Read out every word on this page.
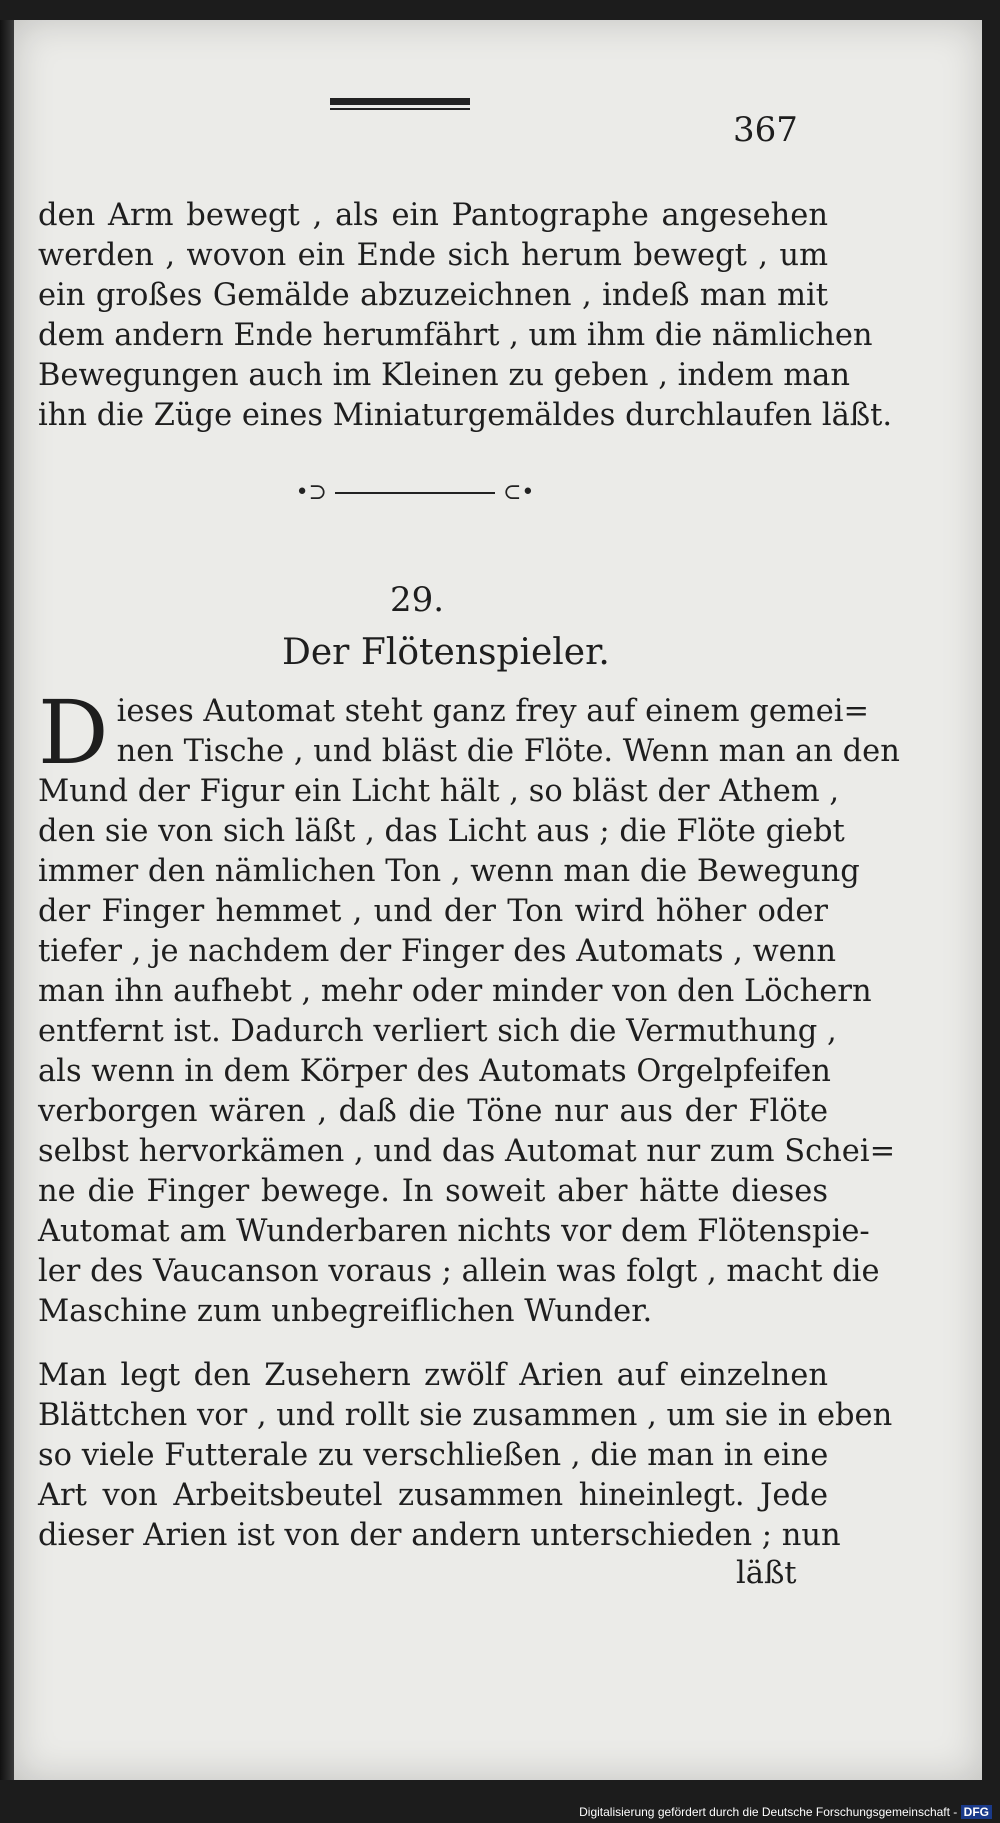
367
den Arm bewegt , als ein Pantographe angesehen
werden , wovon ein Ende sich herum bewegt , um
ein großes Gemälde abzuzeichnen , indeß man mit
dem andern Ende herumfährt , um ihm die nämlichen
Bewegungen auch im Kleinen zu geben , indem man
ihn die Züge eines Miniaturgemäldes durchlaufen läßt.
•⊃	⊂•
29.
Der Flötenspieler.
D ieses Automat steht ganz frey auf einem gemei=
nen Tische , und bläst die Flöte. Wenn man an den
Mund der Figur ein Licht hält , so bläst der Athem ,
den sie von sich läßt , das Licht aus ; die Flöte giebt
immer den nämlichen Ton , wenn man die Bewegung
der Finger hemmet , und der Ton wird höher oder
tiefer , je nachdem der Finger des Automats , wenn
man ihn aufhebt , mehr oder minder von den Löchern
entfernt ist. Dadurch verliert sich die Vermuthung ,
als wenn in dem Körper des Automats Orgelpfeifen
verborgen wären , daß die Töne nur aus der Flöte
selbst hervorkämen , und das Automat nur zum Schei=
ne die Finger bewege. In soweit aber hätte dieses
Automat am Wunderbaren nichts vor dem Flötenspie-
ler des Vaucanson voraus ; allein was folgt , macht die
Maschine zum unbegreiflichen Wunder.
Man legt den Zusehern zwölf Arien auf einzelnen
Blättchen vor , und rollt sie zusammen , um sie in eben
so viele Futterale zu verschließen , die man in eine
Art von Arbeitsbeutel zusammen hineinlegt. Jede
dieser Arien ist von der andern unterschieden ; nun
läßt
Digitalisierung gefördert durch die Deutsche Forschungsgemeinschaft - DFG
